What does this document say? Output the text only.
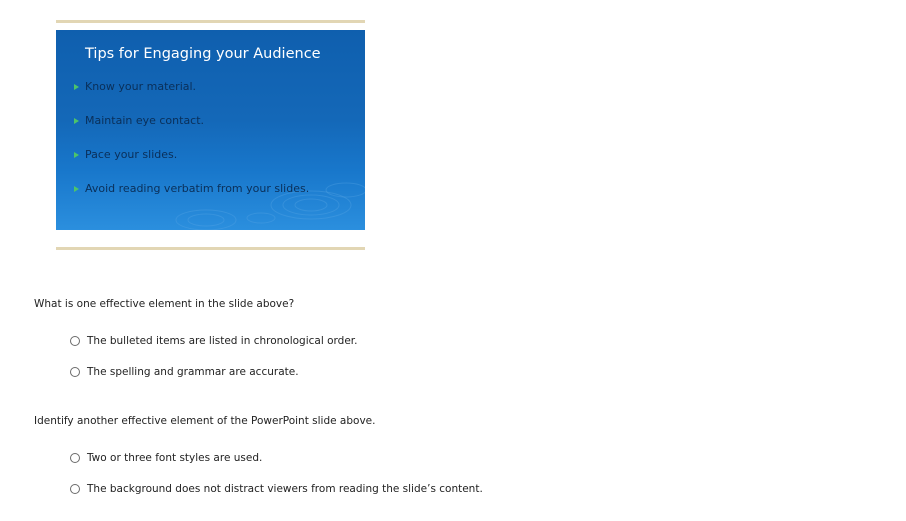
Tips for Engaging your Audience
Know your material.
Maintain eye contact.
Pace your slides.
Avoid reading verbatim from your slides.
What is one effective element in the slide above?
The bulleted items are listed in chronological order.
The spelling and grammar are accurate.
Identify another effective element of the PowerPoint slide above.
Two or three font styles are used.
The background does not distract viewers from reading the slide’s content.
